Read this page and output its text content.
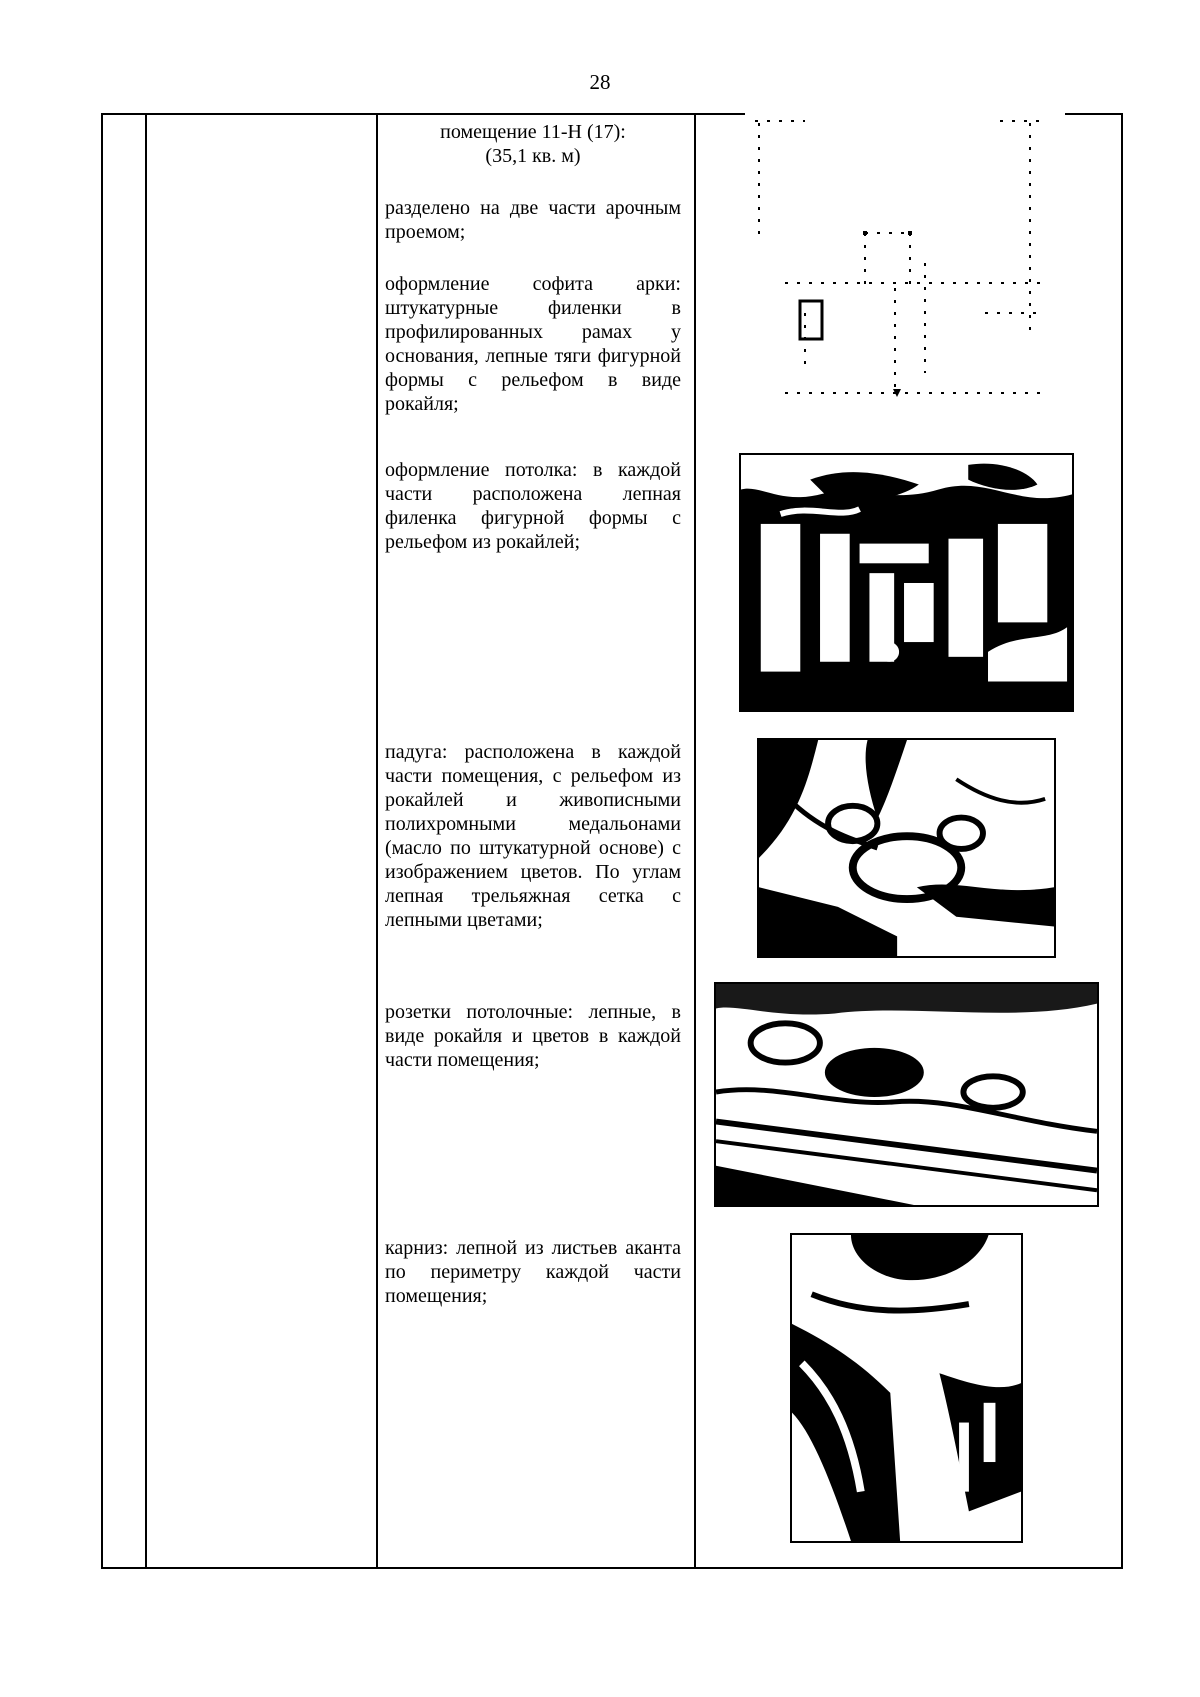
28

помещение 11-Н (17):

(35,1 кв. м)

разделено на две части арочным проемом;

оформление софита арки: штукатурные филенки в профилированных рамах у основания, лепные тяги фигурной формы с рельефом в виде рокайля;

оформление потолка: в каждой части расположена лепная филенка фигурной формы с рельефом из рокайлей;

падуга: расположена в каждой части помещения, с рельефом из рокайлей и живописными полихромными медальонами (масло по штукатурной основе) с изображением цветов. По углам лепная трельяжная сетка с лепными цветами;

розетки потолочные: лепные, в виде рокайля и цветов в каждой части помещения;

карниз: лепной из листьев аканта по периметру каждой части помещения;
